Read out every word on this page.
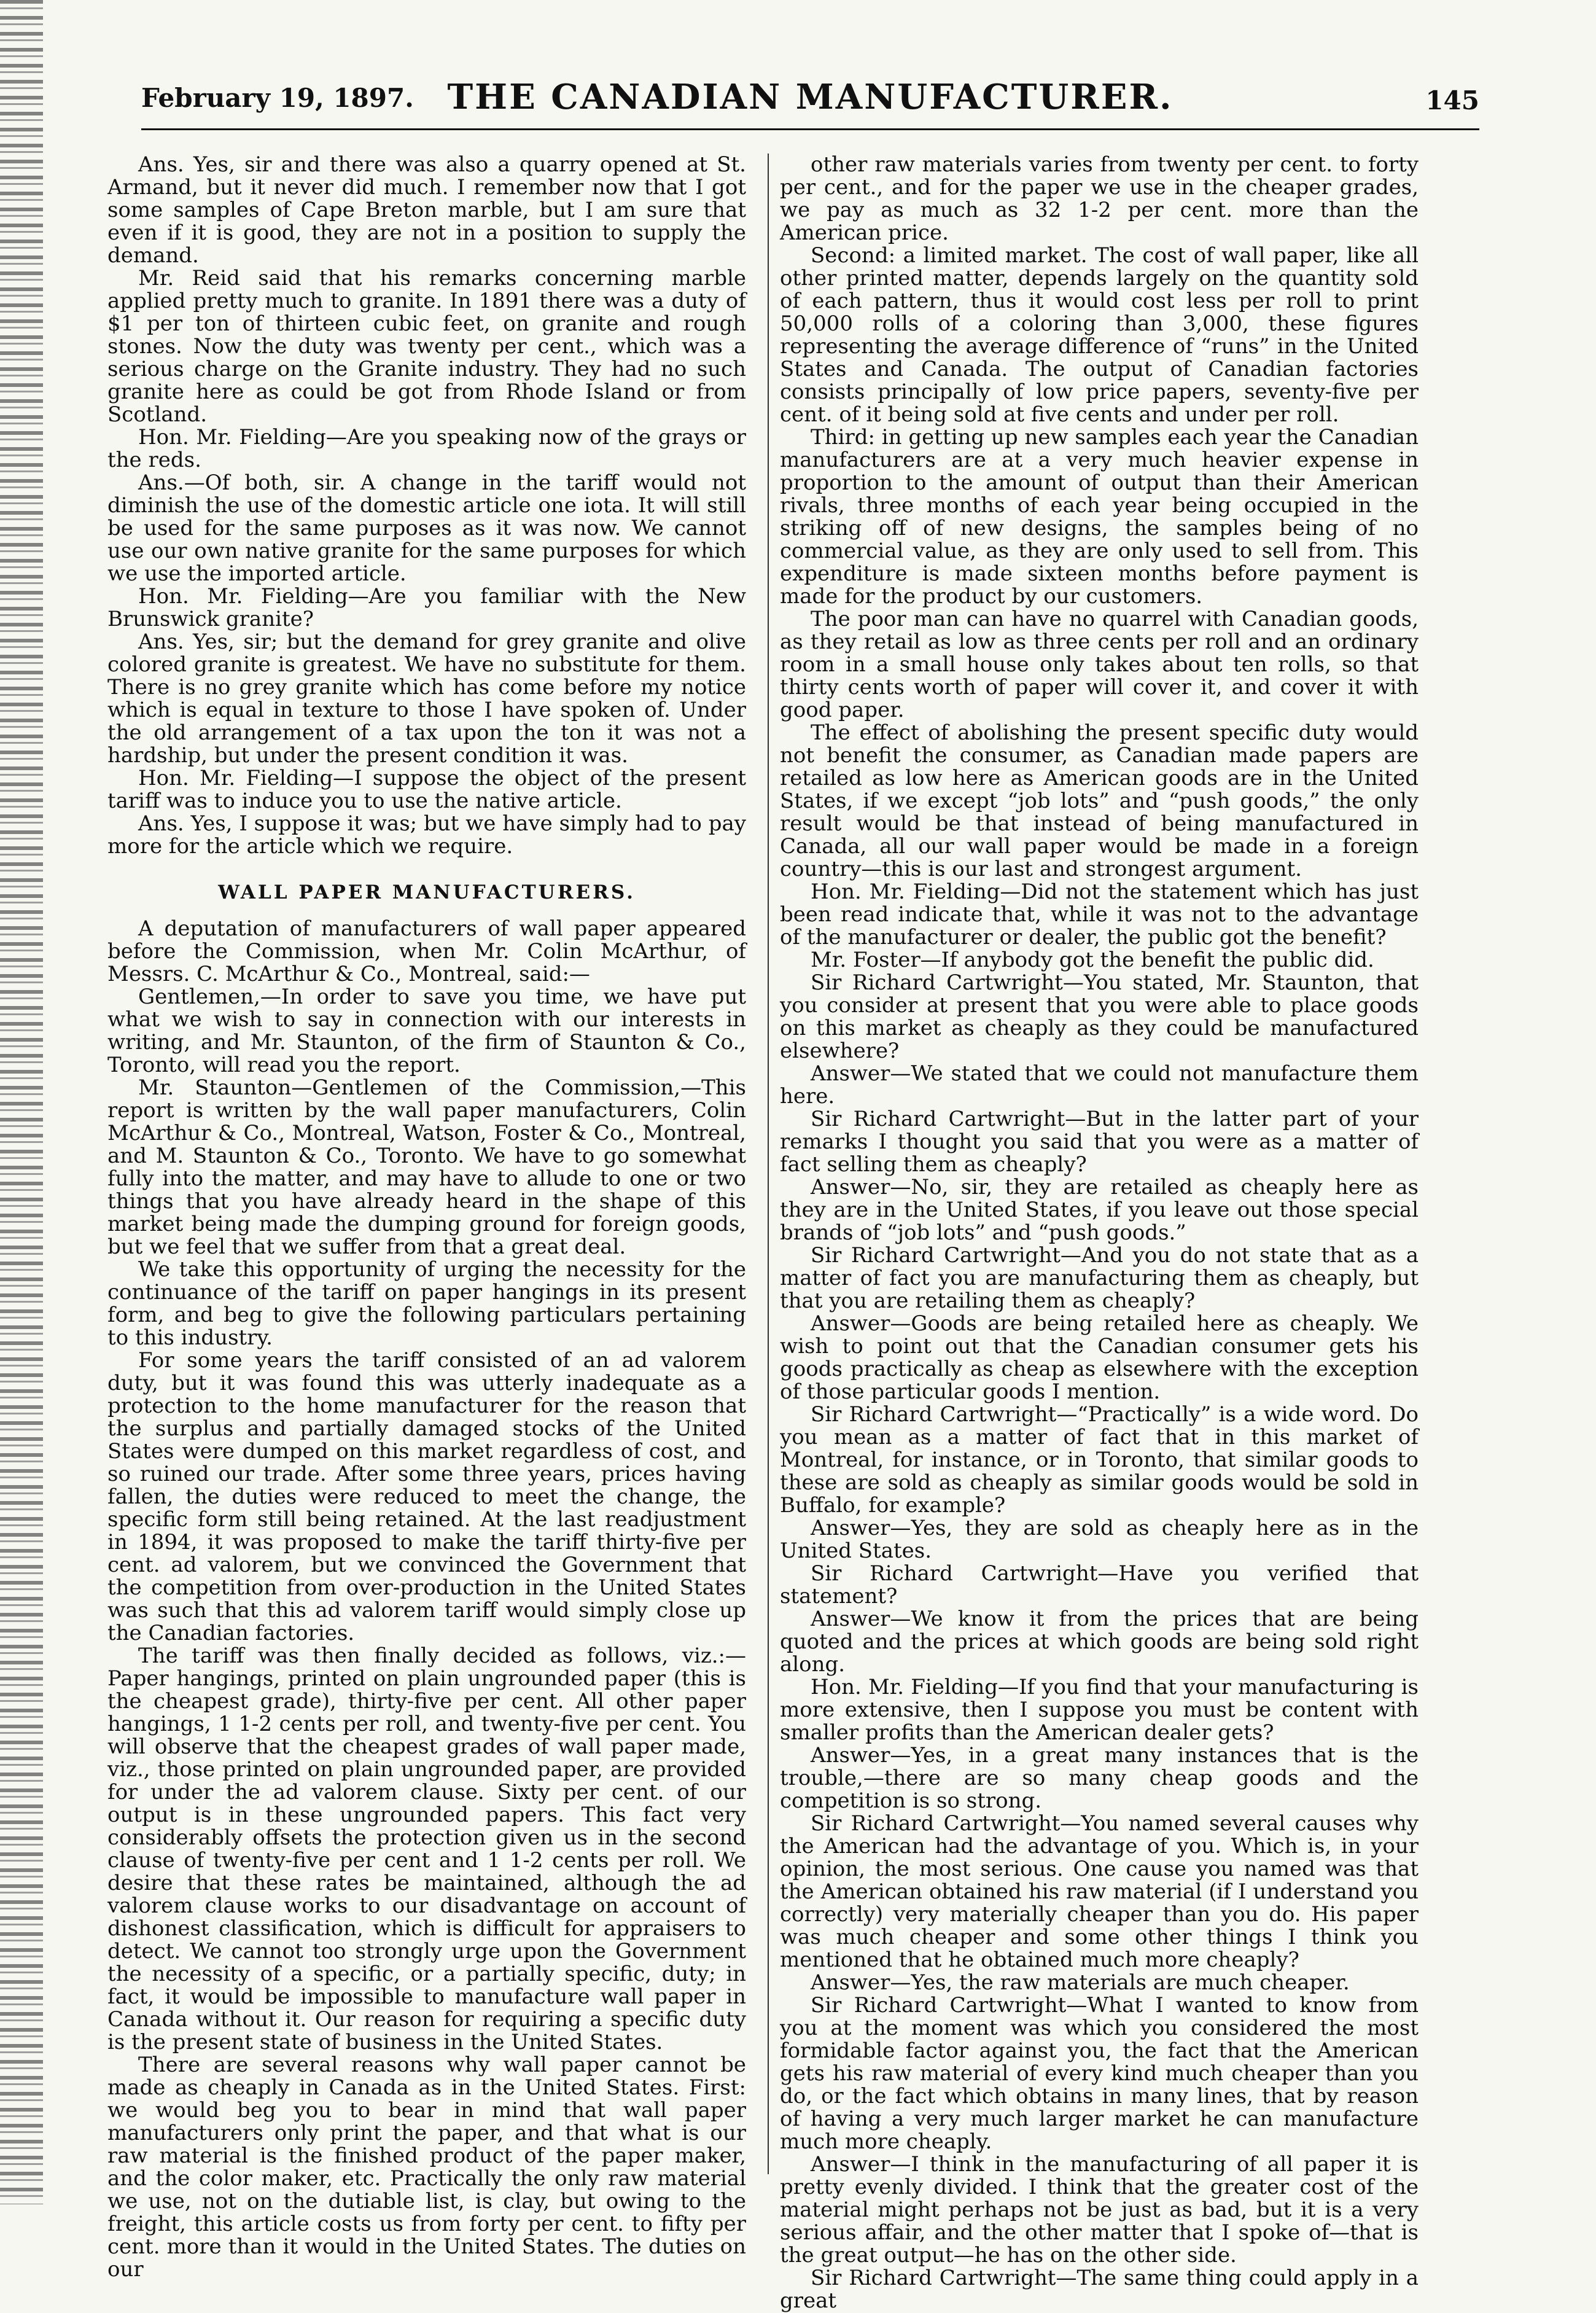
February 19, 1897. THE CANADIAN MANUFACTURER.	145

Ans. Yes, sir and there was also a quarry opened at St. Armand, but it never did much. I remember now that I got some samples of Cape Breton marble, but I am sure that even if it is good, they are not in a position to supply the demand.

Mr. Reid said that his remarks concerning marble applied pretty much to granite. In 1891 there was a duty of $1 per ton of thirteen cubic feet, on granite and rough stones. Now the duty was twenty per cent., which was a serious charge on the Granite industry. They had no such granite here as could be got from Rhode Island or from Scotland.

Hon. Mr. Fielding—Are you speaking now of the grays or the reds.

Ans.—Of both, sir. A change in the tariff would not diminish the use of the domestic article one iota. It will still be used for the same purposes as it was now. We cannot use our own native granite for the same purposes for which we use the imported article.

Hon. Mr. Fielding—Are you familiar with the New Brunswick granite?

Ans. Yes, sir; but the demand for grey granite and olive colored granite is greatest. We have no substitute for them. There is no grey granite which has come before my notice which is equal in texture to those I have spoken of. Under the old arrangement of a tax upon the ton it was not a hardship, but under the present condition it was.

Hon. Mr. Fielding—I suppose the object of the present tariff was to induce you to use the native article.

Ans. Yes, I suppose it was; but we have simply had to pay more for the article which we require.

WALL PAPER MANUFACTURERS.

A deputation of manufacturers of wall paper appeared before the Commission, when Mr. Colin McArthur, of Messrs. C. McArthur & Co., Montreal, said:—

Gentlemen,—In order to save you time, we have put what we wish to say in connection with our interests in writing, and Mr. Staunton, of the firm of Staunton & Co., Toronto, will read you the report.

Mr. Staunton—Gentlemen of the Commission,—This report is written by the wall paper manufacturers, Colin McArthur & Co., Montreal, Watson, Foster & Co., Montreal, and M. Staunton & Co., Toronto. We have to go somewhat fully into the matter, and may have to allude to one or two things that you have already heard in the shape of this market being made the dumping ground for foreign goods, but we feel that we suffer from that a great deal.

We take this opportunity of urging the necessity for the continuance of the tariff on paper hangings in its present form, and beg to give the following particulars pertaining to this industry.

For some years the tariff consisted of an ad valorem duty, but it was found this was utterly inadequate as a protection to the home manufacturer for the reason that the surplus and partially damaged stocks of the United States were dumped on this market regardless of cost, and so ruined our trade. After some three years, prices having fallen, the duties were reduced to meet the change, the specific form still being retained. At the last readjustment in 1894, it was proposed to make the tariff thirty-five per cent. ad valorem, but we convinced the Government that the competition from over-production in the United States was such that this ad valorem tariff would simply close up the Canadian factories.

The tariff was then finally decided as follows, viz.:—Paper hangings, printed on plain ungrounded paper (this is the cheapest grade), thirty-five per cent. All other paper hangings, 1 1-2 cents per roll, and twenty-five per cent. You will observe that the cheapest grades of wall paper made, viz., those printed on plain ungrounded paper, are provided for under the ad valorem clause. Sixty per cent. of our output is in these ungrounded papers. This fact very considerably offsets the protection given us in the second clause of twenty-five per cent and 1 1-2 cents per roll. We desire that these rates be maintained, although the ad valorem clause works to our disadvantage on account of dishonest classification, which is difficult for appraisers to detect. We cannot too strongly urge upon the Government the necessity of a specific, or a partially specific, duty; in fact, it would be impossible to manufacture wall paper in Canada without it. Our reason for requiring a specific duty is the present state of business in the United States.

There are several reasons why wall paper cannot be made as cheaply in Canada as in the United States. First: we would beg you to bear in mind that wall paper manufacturers only print the paper, and that what is our raw material is the finished product of the paper maker, and the color maker, etc. Practically the only raw material we use, not on the dutiable list, is clay, but owing to the freight, this article costs us from forty per cent. to fifty per cent. more than it would in the United States. The duties on our

other raw materials varies from twenty per cent. to forty per cent., and for the paper we use in the cheaper grades, we pay as much as 32 1-2 per cent. more than the American price.

Second: a limited market. The cost of wall paper, like all other printed matter, depends largely on the quantity sold of each pattern, thus it would cost less per roll to print 50,000 rolls of a coloring than 3,000, these figures representing the average difference of “runs” in the United States and Canada. The output of Canadian factories consists principally of low price papers, seventy-five per cent. of it being sold at five cents and under per roll.

Third: in getting up new samples each year the Canadian manufacturers are at a very much heavier expense in proportion to the amount of output than their American rivals, three months of each year being occupied in the striking off of new designs, the samples being of no commercial value, as they are only used to sell from. This expenditure is made sixteen months before payment is made for the product by our customers.

The poor man can have no quarrel with Canadian goods, as they retail as low as three cents per roll and an ordinary room in a small house only takes about ten rolls, so that thirty cents worth of paper will cover it, and cover it with good paper.

The effect of abolishing the present specific duty would not benefit the consumer, as Canadian made papers are retailed as low here as American goods are in the United States, if we except “job lots” and “push goods,” the only result would be that instead of being manufactured in Canada, all our wall paper would be made in a foreign country—this is our last and strongest argument.

Hon. Mr. Fielding—Did not the statement which has just been read indicate that, while it was not to the advantage of the manufacturer or dealer, the public got the benefit?

Mr. Foster—If anybody got the benefit the public did.

Sir Richard Cartwright—You stated, Mr. Staunton, that you consider at present that you were able to place goods on this market as cheaply as they could be manufactured elsewhere?

Answer—We stated that we could not manufacture them here.

Sir Richard Cartwright—But in the latter part of your remarks I thought you said that you were as a matter of fact selling them as cheaply?

Answer—No, sir, they are retailed as cheaply here as they are in the United States, if you leave out those special brands of “job lots” and “push goods.”

Sir Richard Cartwright—And you do not state that as a matter of fact you are manufacturing them as cheaply, but that you are retailing them as cheaply?

Answer—Goods are being retailed here as cheaply. We wish to point out that the Canadian consumer gets his goods practically as cheap as elsewhere with the exception of those particular goods I mention.

Sir Richard Cartwright—“Practically” is a wide word. Do you mean as a matter of fact that in this market of Montreal, for instance, or in Toronto, that similar goods to these are sold as cheaply as similar goods would be sold in Buffalo, for example?

Answer—Yes, they are sold as cheaply here as in the United States.

Sir Richard Cartwright—Have you verified that statement?

Answer—We know it from the prices that are being quoted and the prices at which goods are being sold right along.

Hon. Mr. Fielding—If you find that your manufacturing is more extensive, then I suppose you must be content with smaller profits than the American dealer gets?

Answer—Yes, in a great many instances that is the trouble,—there are so many cheap goods and the competition is so strong.

Sir Richard Cartwright—You named several causes why the American had the advantage of you. Which is, in your opinion, the most serious. One cause you named was that the American obtained his raw material (if I understand you correctly) very materially cheaper than you do. His paper was much cheaper and some other things I think you mentioned that he obtained much more cheaply?

Answer—Yes, the raw materials are much cheaper.

Sir Richard Cartwright—What I wanted to know from you at the moment was which you considered the most formidable factor against you, the fact that the American gets his raw material of every kind much cheaper than you do, or the fact which obtains in many lines, that by reason of having a very much larger market he can manufacture much more cheaply.

Answer—I think in the manufacturing of all paper it is pretty evenly divided. I think that the greater cost of the material might perhaps not be just as bad, but it is a very serious affair, and the other matter that I spoke of—that is the great output—he has on the other side.

Sir Richard Cartwright—The same thing could apply in a great
